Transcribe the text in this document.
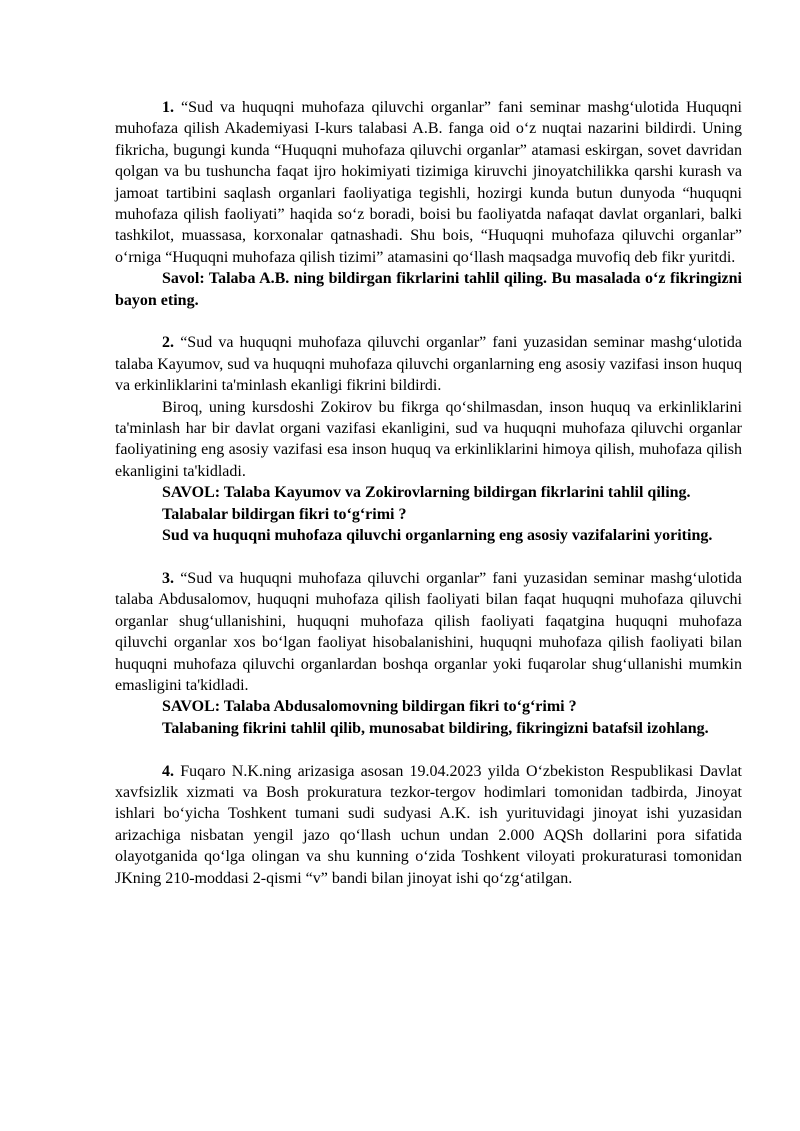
1. “Sud va huquqni muhofaza qiluvchi organlar” fani seminar mashg‘ulotida Huquqni muhofaza qilish Akademiyasi I-kurs talabasi A.B. fanga oid o‘z nuqtai nazarini bildirdi. Uning fikricha, bugungi kunda “Huquqni muhofaza qiluvchi organlar” atamasi eskirgan, sovet davridan qolgan va bu tushuncha faqat ijro hokimiyati tizimiga kiruvchi jinoyatchilikka qarshi kurash va jamoat tartibini saqlash organlari faoliyatiga tegishli, hozirgi kunda butun dunyoda “huquqni muhofaza qilish faoliyati” haqida so‘z boradi, boisi bu faoliyatda nafaqat davlat organlari, balki tashkilot, muassasa, korxonalar qatnashadi. Shu bois, “Huquqni muhofaza qiluvchi organlar” o‘rniga “Huquqni muhofaza qilish tizimi” atamasini qo‘llash maqsadga muvofiq deb fikr yuritdi.

Savol: Talaba A.B. ning bildirgan fikrlarini tahlil qiling. Bu masalada o‘z fikringizni bayon eting.

2. “Sud va huquqni muhofaza qiluvchi organlar” fani yuzasidan seminar mashg‘ulotida talaba Kayumov, sud va huquqni muhofaza qiluvchi organlarning eng asosiy vazifasi inson huquq va erkinliklarini ta'minlash ekanligi fikrini bildirdi.

Biroq, uning kursdoshi Zokirov bu fikrga qo‘shilmasdan, inson huquq va erkinliklarini ta'minlash har bir davlat organi vazifasi ekanligini, sud va huquqni muhofaza qiluvchi organlar faoliyatining eng asosiy vazifasi esa inson huquq va erkinliklarini himoya qilish, muhofaza qilish ekanligini ta'kidladi.

SAVOL: Talaba Kayumov va Zokirovlarning bildirgan fikrlarini tahlil qiling.

Talabalar bildirgan fikri to‘g‘rimi ?

Sud va huquqni muhofaza qiluvchi organlarning eng asosiy vazifalarini yoriting.

3. “Sud va huquqni muhofaza qiluvchi organlar” fani yuzasidan seminar mashg‘ulotida talaba Abdusalomov, huquqni muhofaza qilish faoliyati bilan faqat huquqni muhofaza qiluvchi organlar shug‘ullanishini, huquqni muhofaza qilish faoliyati faqatgina huquqni muhofaza qiluvchi organlar xos bo‘lgan faoliyat hisobalanishini, huquqni muhofaza qilish faoliyati bilan huquqni muhofaza qiluvchi organlardan boshqa organlar yoki fuqarolar shug‘ullanishi mumkin emasligini ta'kidladi.

SAVOL: Talaba Abdusalomovning bildirgan fikri to‘g‘rimi ?

Talabaning fikrini tahlil qilib, munosabat bildiring, fikringizni batafsil izohlang.

4. Fuqaro N.K.ning arizasiga asosan 19.04.2023 yilda O‘zbekiston Respublikasi Davlat xavfsizlik xizmati va Bosh prokuratura tezkor-tergov hodimlari tomonidan tadbirda, Jinoyat ishlari bo‘yicha Toshkent tumani sudi sudyasi A.K. ish yurituvidagi jinoyat ishi yuzasidan arizachiga nisbatan yengil jazo qo‘llash uchun undan 2.000 AQSh dollarini pora sifatida olayotganida qo‘lga olingan va shu kunning o‘zida Toshkent viloyati prokuraturasi tomonidan JKning 210-moddasi 2-qismi “v” bandi bilan jinoyat ishi qo‘zg‘atilgan.
